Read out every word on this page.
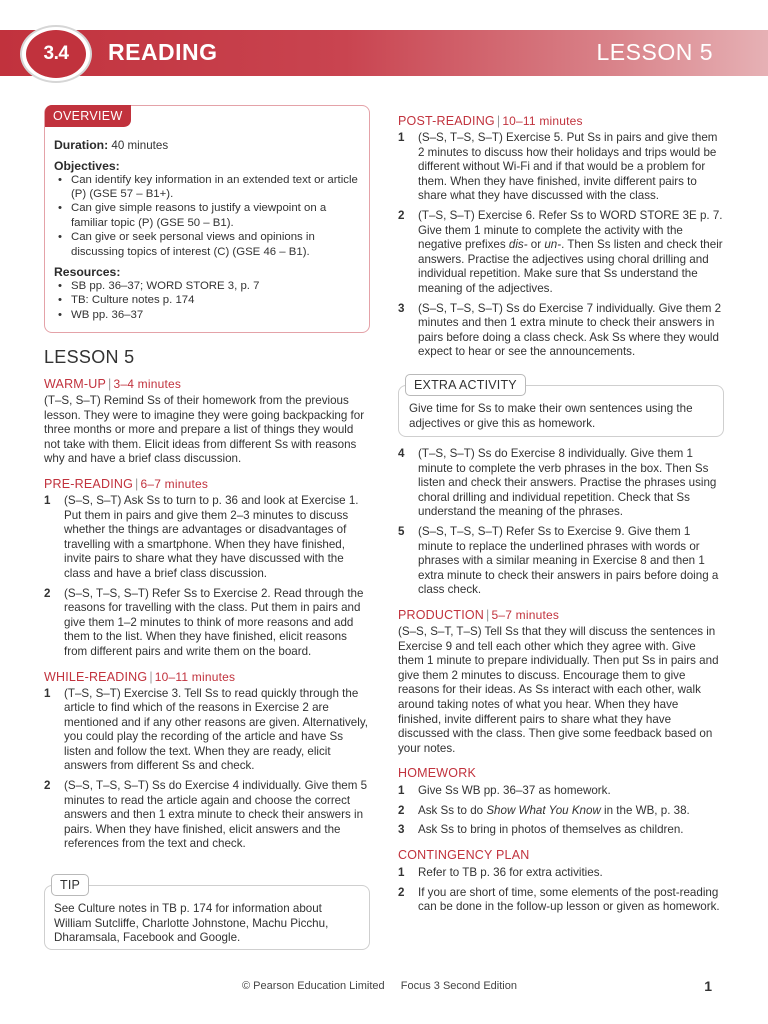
3.4	READING	LESSON 5
OVERVIEW
Duration: 40 minutes
Objectives:
• Can identify key information in an extended text or article (P) (GSE 57 – B1+).
• Can give simple reasons to justify a viewpoint on a familiar topic (P) (GSE 50 – B1).
• Can give or seek personal views and opinions in discussing topics of interest (C) (GSE 46 – B1).
Resources:
• SB pp. 36–37; WORD STORE 3, p. 7
• TB: Culture notes p. 174
• WB pp. 36–37
LESSON 5
WARM-UP | 3–4 minutes
(T–S, S–T) Remind Ss of their homework from the previous lesson. They were to imagine they were going backpacking for three months or more and prepare a list of things they would not take with them. Elicit ideas from different Ss with reasons why and have a brief class discussion.
PRE-READING | 6–7 minutes
1 (S–S, S–T) Ask Ss to turn to p. 36 and look at Exercise 1. Put them in pairs and give them 2–3 minutes to discuss whether the things are advantages or disadvantages of travelling with a smartphone. When they have finished, invite pairs to share what they have discussed with the class and have a brief class discussion.
2 (S–S, T–S, S–T) Refer Ss to Exercise 2. Read through the reasons for travelling with the class. Put them in pairs and give them 1–2 minutes to think of more reasons and add them to the list. When they have finished, elicit reasons from different pairs and write them on the board.
WHILE-READING | 10–11 minutes
1 (T–S, S–T) Exercise 3. Tell Ss to read quickly through the article to find which of the reasons in Exercise 2 are mentioned and if any other reasons are given. Alternatively, you could play the recording of the article and have Ss listen and follow the text. When they are ready, elicit answers from different Ss and check.
2 (S–S, T–S, S–T) Ss do Exercise 4 individually. Give them 5 minutes to read the article again and choose the correct answers and then 1 extra minute to check their answers in pairs. When they have finished, elicit answers and the references from the text and check.
TIP
See Culture notes in TB p. 174 for information about William Sutcliffe, Charlotte Johnstone, Machu Picchu, Dharamsala, Facebook and Google.
POST-READING | 10–11 minutes
1 (S–S, T–S, S–T) Exercise 5. Put Ss in pairs and give them 2 minutes to discuss how their holidays and trips would be different without Wi-Fi and if that would be a problem for them. When they have finished, invite different pairs to share what they have discussed with the class.
2 (T–S, S–T) Exercise 6. Refer Ss to WORD STORE 3E p. 7. Give them 1 minute to complete the activity with the negative prefixes dis- or un-. Then Ss listen and check their answers. Practise the adjectives using choral drilling and individual repetition. Make sure that Ss understand the meaning of the adjectives.
3 (S–S, T–S, S–T) Ss do Exercise 7 individually. Give them 2 minutes and then 1 extra minute to check their answers in pairs before doing a class check. Ask Ss where they would expect to hear or see the announcements.
EXTRA ACTIVITY
Give time for Ss to make their own sentences using the adjectives or give this as homework.
4 (T–S, S–T) Ss do Exercise 8 individually. Give them 1 minute to complete the verb phrases in the box. Then Ss listen and check their answers. Practise the phrases using choral drilling and individual repetition. Check that Ss understand the meaning of the phrases.
5 (S–S, T–S, S–T) Refer Ss to Exercise 9. Give them 1 minute to replace the underlined phrases with words or phrases with a similar meaning in Exercise 8 and then 1 extra minute to check their answers in pairs before doing a class check.
PRODUCTION | 5–7 minutes
(S–S, S–T, T–S) Tell Ss that they will discuss the sentences in Exercise 9 and tell each other which they agree with. Give them 1 minute to prepare individually. Then put Ss in pairs and give them 2 minutes to discuss. Encourage them to give reasons for their ideas. As Ss interact with each other, walk around taking notes of what you hear. When they have finished, invite different pairs to share what they have discussed with the class. Then give some feedback based on your notes.
HOMEWORK
1 Give Ss WB pp. 36–37 as homework.
2 Ask Ss to do Show What You Know in the WB, p. 38.
3 Ask Ss to bring in photos of themselves as children.
CONTINGENCY PLAN
1 Refer to TB p. 36 for extra activities.
2 If you are short of time, some elements of the post-reading can be done in the follow-up lesson or given as homework.
© Pearson Education Limited Focus 3 Second Edition	1
